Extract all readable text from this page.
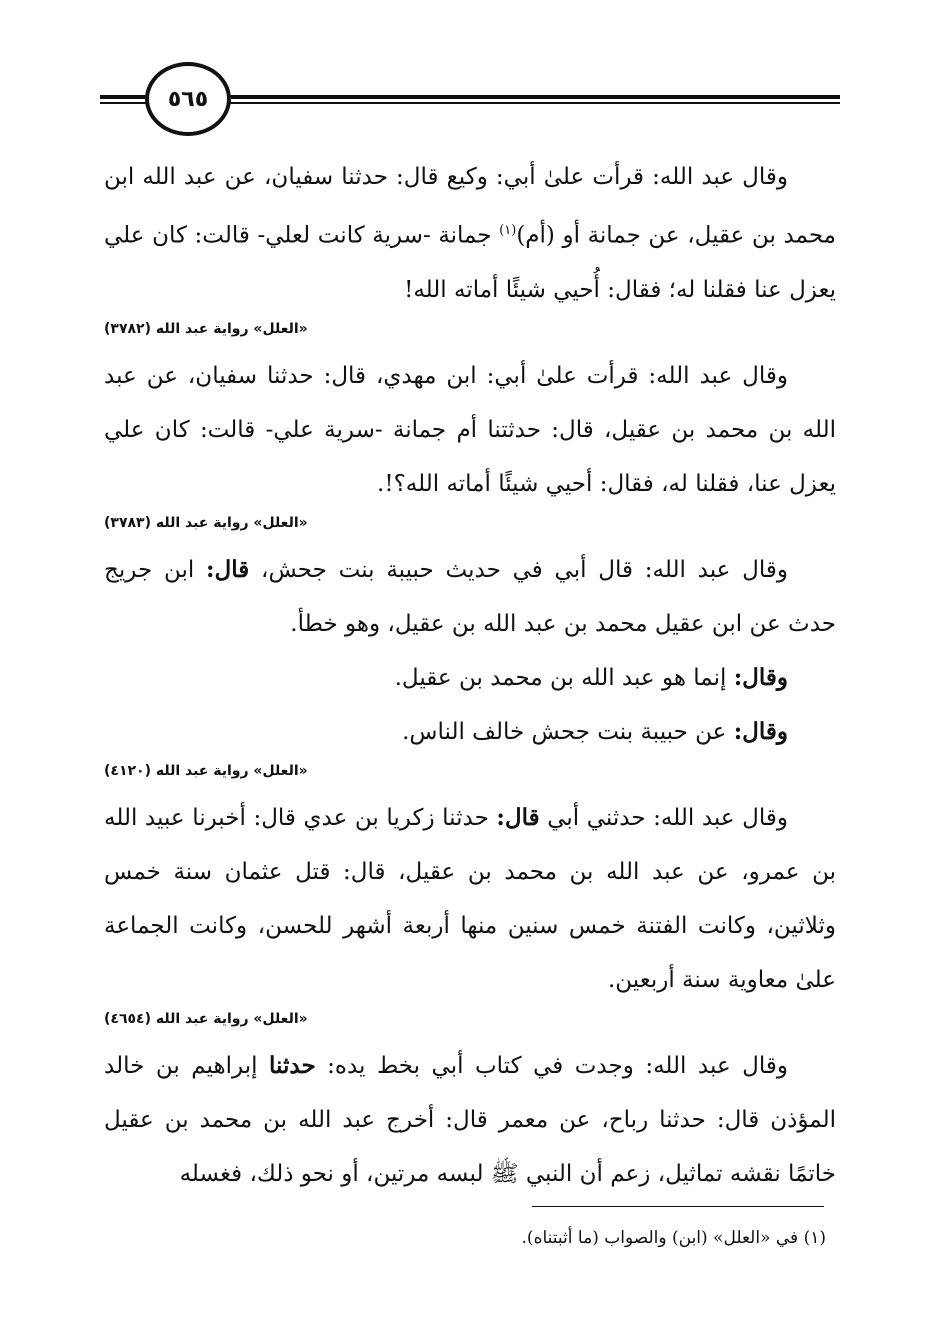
٥٦٥

وقال عبد الله: قرأت علىٰ أبي: وكيع قال: حدثنا سفيان، عن عبد الله ابن محمد بن عقيل، عن جمانة أو (أم)$^{(١)}$ جمانة -سرية كانت لعلي- قالت: كان علي يعزل عنا فقلنا له؛ فقال: أُحيي شيئًا أماته الله!

«العلل» رواية عبد الله (٣٧٨٢)

وقال عبد الله: قرأت علىٰ أبي: ابن مهدي، قال: حدثنا سفيان، عن عبد الله بن محمد بن عقيل، قال: حدثتنا أم جمانة -سرية علي- قالت: كان علي يعزل عنا، فقلنا له، فقال: أحيي شيئًا أماته الله؟!.

«العلل» رواية عبد الله (٣٧٨٣)

وقال عبد الله: قال أبي في حديث حبيبة بنت جحش، قال: ابن جريج حدث عن ابن عقيل محمد بن عبد الله بن عقيل، وهو خطأ.

وقال: إنما هو عبد الله بن محمد بن عقيل.

وقال: عن حبيبة بنت جحش خالف الناس.

«العلل» رواية عبد الله (٤١٢٠)

وقال عبد الله: حدثني أبي قال: حدثنا زكريا بن عدي قال: أخبرنا عبيد الله بن عمرو، عن عبد الله بن محمد بن عقيل، قال: قتل عثمان سنة خمس وثلاثين، وكانت الفتنة خمس سنين منها أربعة أشهر للحسن، وكانت الجماعة علىٰ معاوية سنة أربعين.

«العلل» رواية عبد الله (٤٦٥٤)

وقال عبد الله: وجدت في كتاب أبي بخط يده: حدثنا إبراهيم بن خالد المؤذن قال: حدثنا رباح، عن معمر قال: أخرج عبد الله بن محمد بن عقيل خاتمًا نقشه تماثيل، زعم أن النبي ﷺ لبسه مرتين، أو نحو ذلك، فغسله

(١) في «العلل» (ابن) والصواب (ما أثبتناه).
